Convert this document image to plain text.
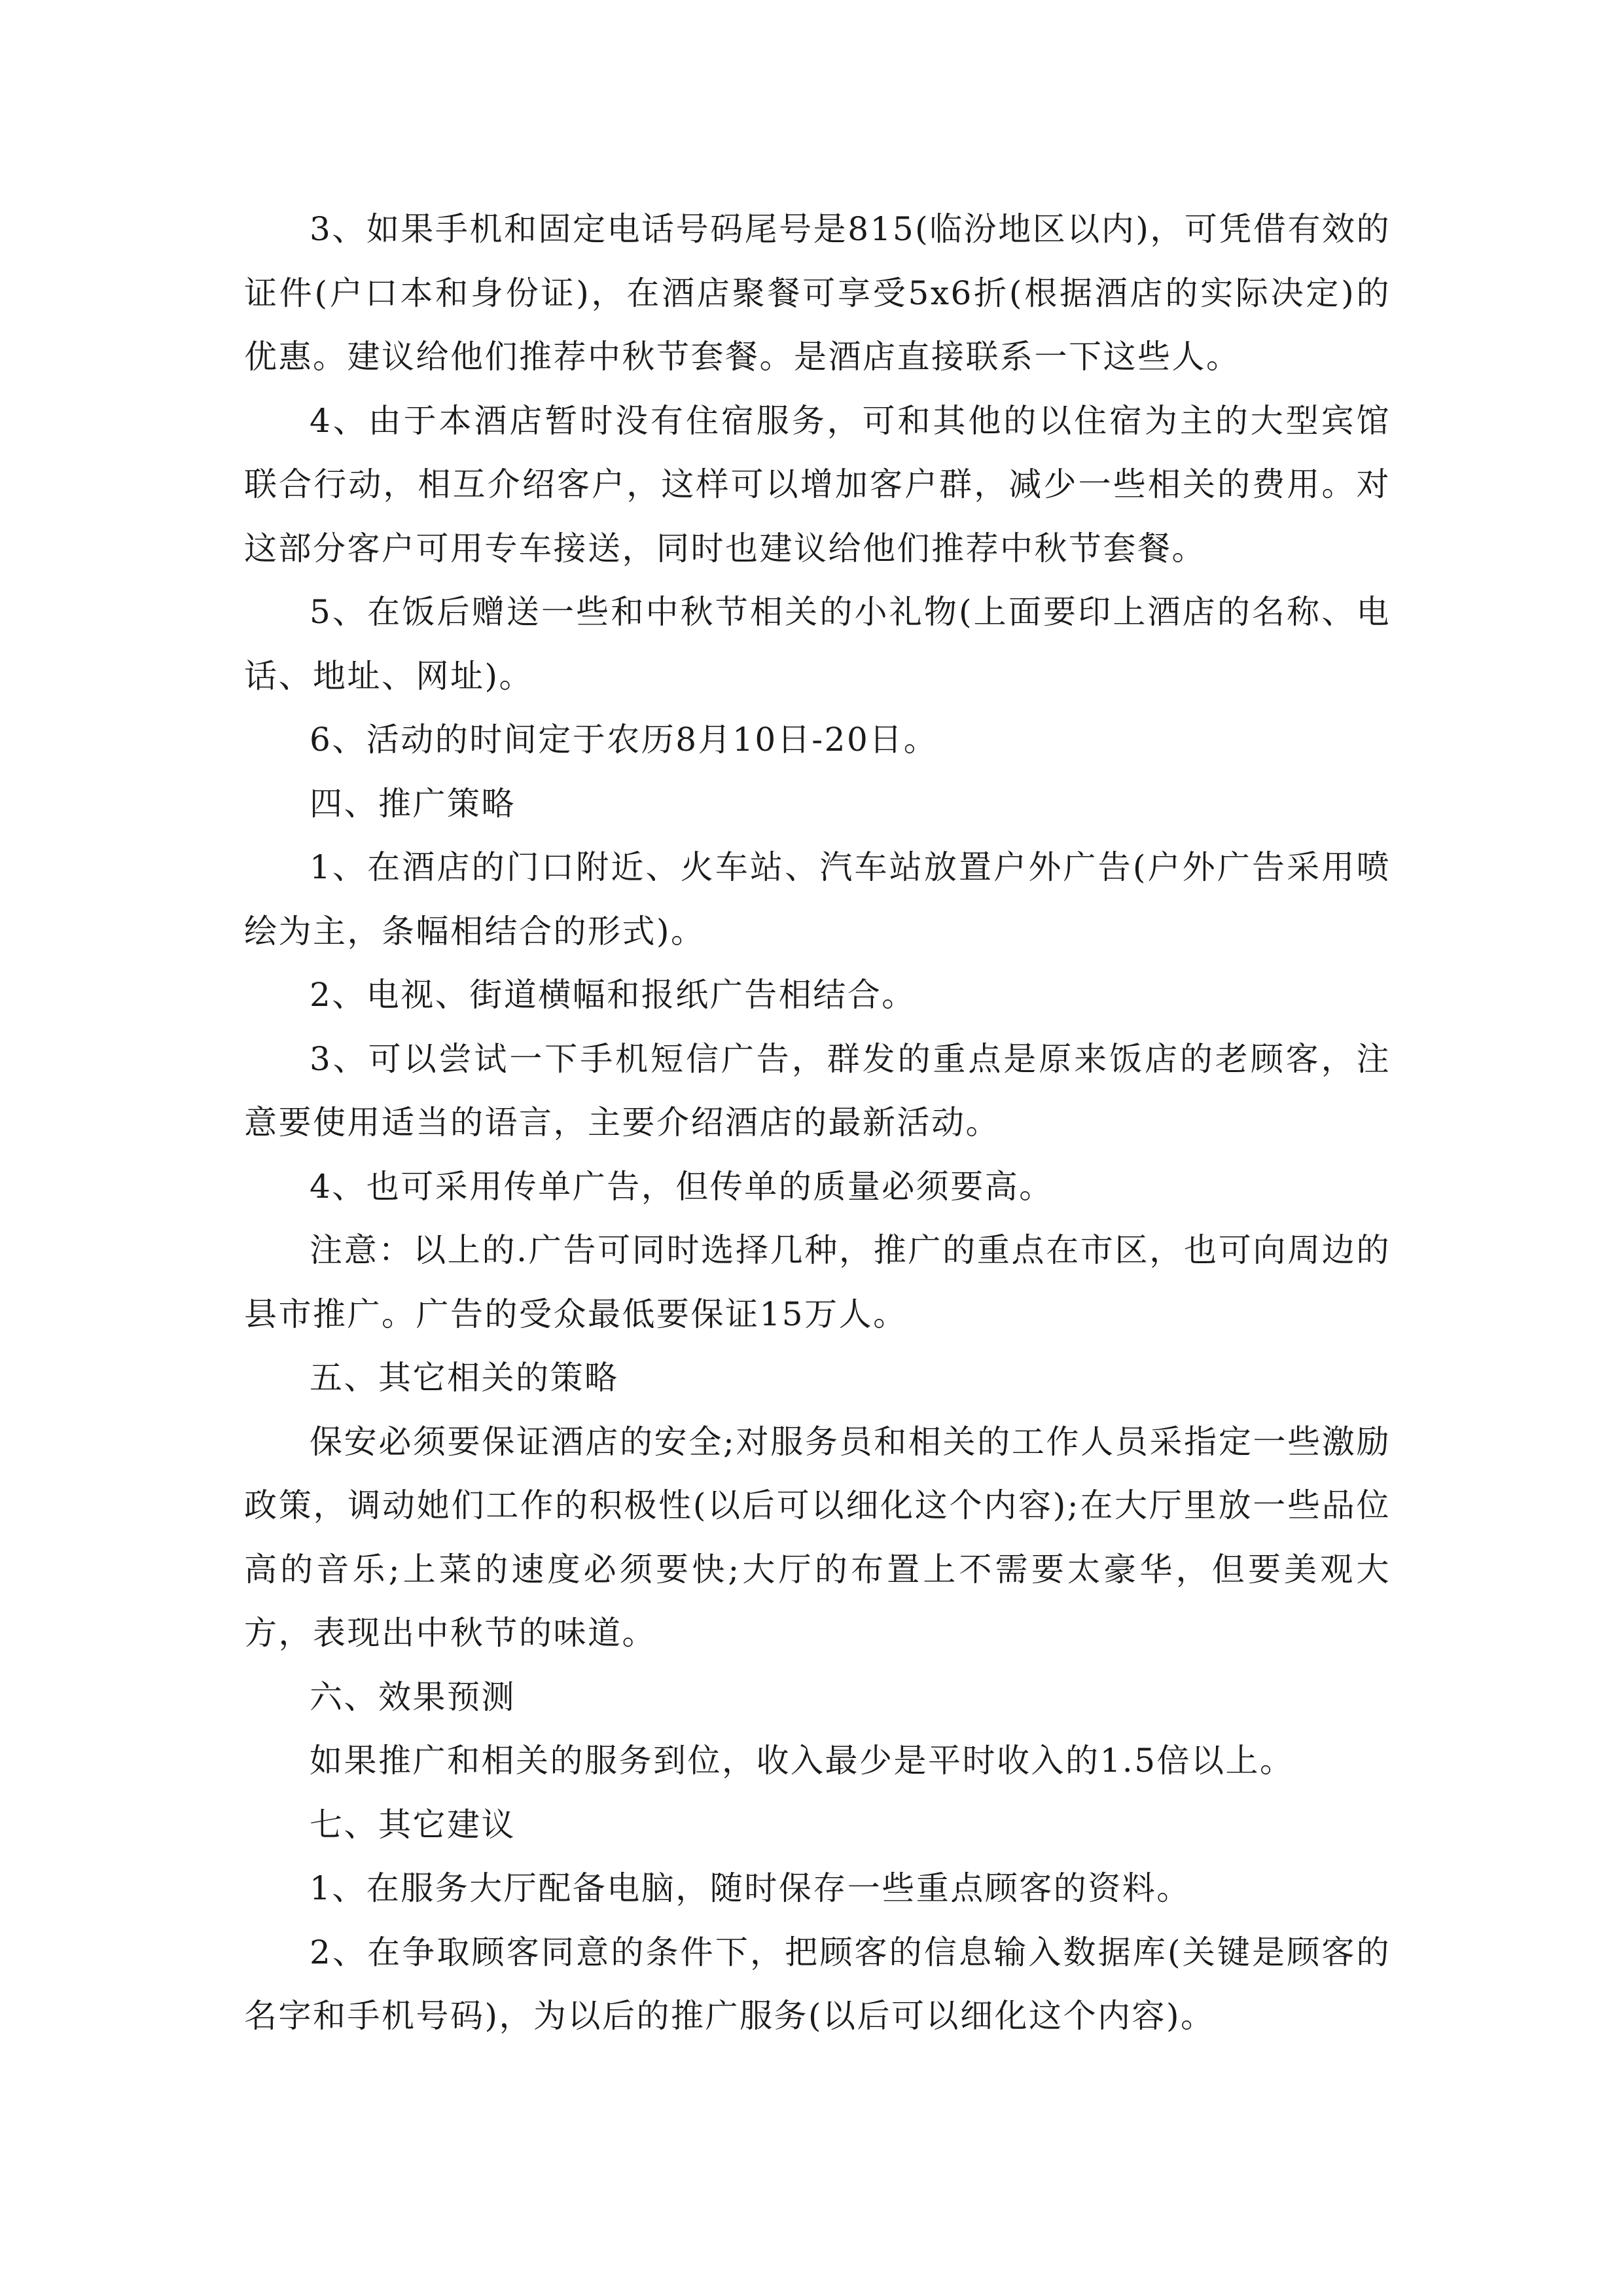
3、如果手机和固定电话号码尾号是815(临汾地区以内)，可凭借有效的证件(户口本和身份证)，在酒店聚餐可享受5x6折(根据酒店的实际决定)的优惠。建议给他们推荐中秋节套餐。是酒店直接联系一下这些人。

4、由于本酒店暂时没有住宿服务，可和其他的以住宿为主的大型宾馆联合行动，相互介绍客户，这样可以增加客户群，减少一些相关的费用。对这部分客户可用专车接送，同时也建议给他们推荐中秋节套餐。

5、在饭后赠送一些和中秋节相关的小礼物(上面要印上酒店的名称、电话、地址、网址)。

6、活动的时间定于农历8月10日-20日。

四、推广策略

1、在酒店的门口附近、火车站、汽车站放置户外广告(户外广告采用喷绘为主，条幅相结合的形式)。

2、电视、街道横幅和报纸广告相结合。

3、可以尝试一下手机短信广告，群发的重点是原来饭店的老顾客，注意要使用适当的语言，主要介绍酒店的最新活动。

4、也可采用传单广告，但传单的质量必须要高。

注意：以上的.广告可同时选择几种，推广的重点在市区，也可向周边的县市推广。广告的受众最低要保证15万人。

五、其它相关的策略

保安必须要保证酒店的安全;对服务员和相关的工作人员采指定一些激励政策，调动她们工作的积极性(以后可以细化这个内容);在大厅里放一些品位高的音乐;上菜的速度必须要快;大厅的布置上不需要太豪华，但要美观大方，表现出中秋节的味道。

六、效果预测

如果推广和相关的服务到位，收入最少是平时收入的1.5倍以上。

七、其它建议

1、在服务大厅配备电脑，随时保存一些重点顾客的资料。

2、在争取顾客同意的条件下，把顾客的信息输入数据库(关键是顾客的名字和手机号码)，为以后的推广服务(以后可以细化这个内容)。
